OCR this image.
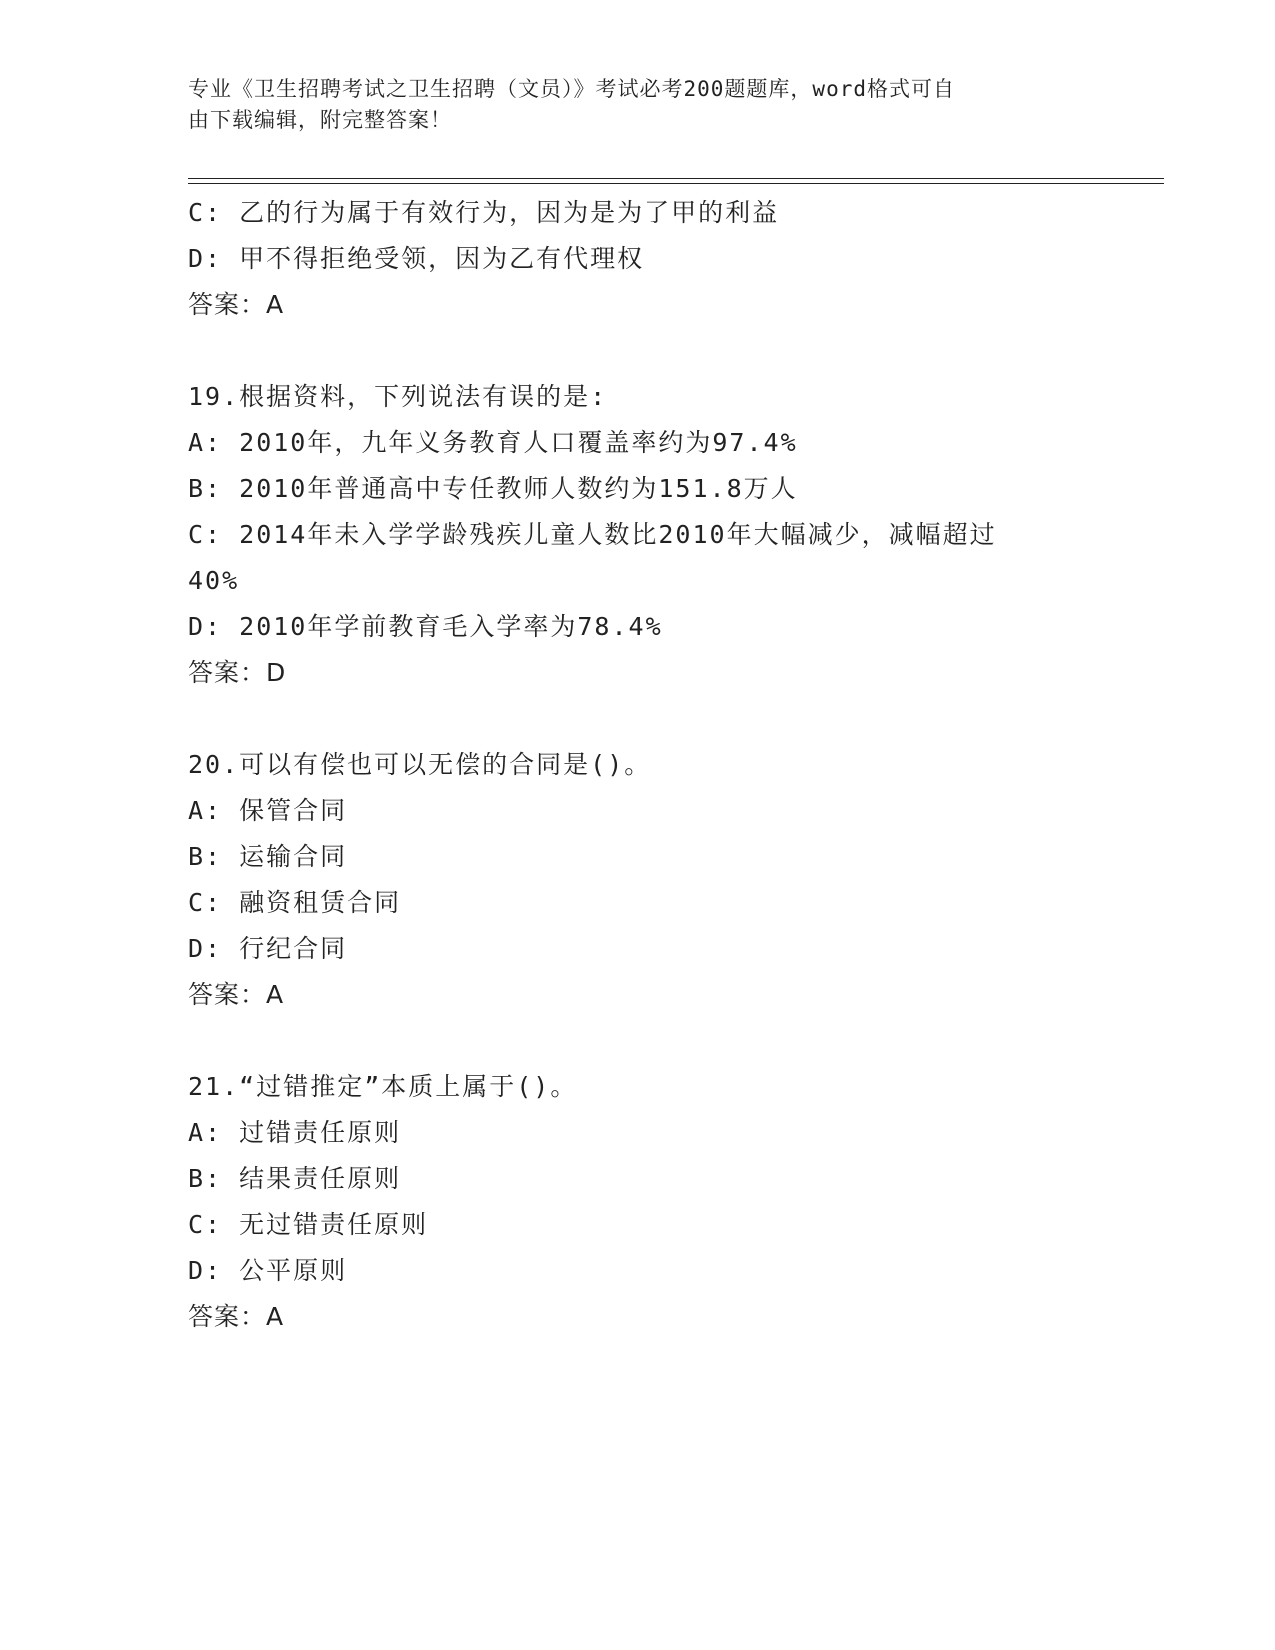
专业《卫生招聘考试之卫生招聘（文员）》考试必考200题题库，word格式可自
由下载编辑，附完整答案！
C: 乙的行为属于有效行为，因为是为了甲的利益
D: 甲不得拒绝受领，因为乙有代理权
答案：A
19.根据资料，下列说法有误的是:
A: 2010年，九年义务教育人口覆盖率约为97.4%
B: 2010年普通高中专任教师人数约为151.8万人
C: 2014年未入学学龄残疾儿童人数比2010年大幅减少，减幅超过
40%
D: 2010年学前教育毛入学率为78.4%
答案：D
20.可以有偿也可以无偿的合同是()。
A: 保管合同
B: 运输合同
C: 融资租赁合同
D: 行纪合同
答案：A
21.“过错推定”本质上属于()。
A: 过错责任原则
B: 结果责任原则
C: 无过错责任原则
D: 公平原则
答案：A
